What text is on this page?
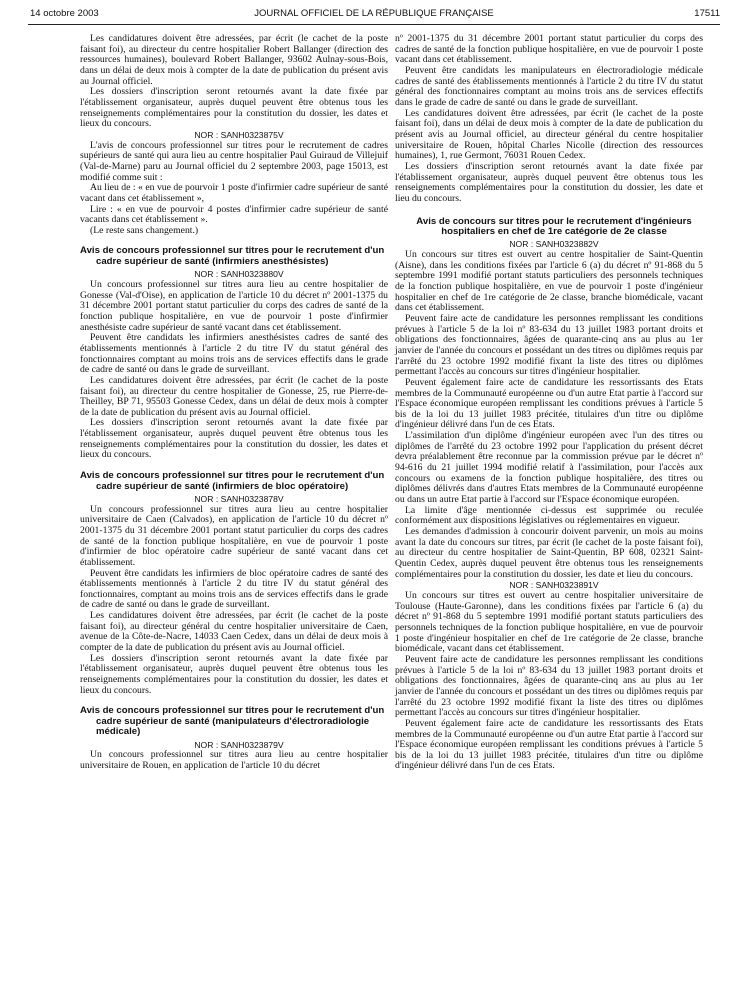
14 octobre 2003	JOURNAL OFFICIEL DE LA RÉPUBLIQUE FRANÇAISE	17511

Les candidatures doivent être adressées, par écrit (le cachet de la poste faisant foi), au directeur du centre hospitalier Robert Ballanger (direction des ressources humaines), boulevard Robert Ballanger, 93602 Aulnay-sous-Bois, dans un délai de deux mois à compter de la date de publication du présent avis au Journal officiel.

Les dossiers d'inscription seront retournés avant la date fixée par l'établissement organisateur, auprès duquel peuvent être obtenus tous les renseignements complémentaires pour la constitution du dossier, les dates et lieux du concours.

NOR : SANH0323875V

L'avis de concours professionnel sur titres pour le recrutement de cadres supérieurs de santé qui aura lieu au centre hospitalier Paul Guiraud de Villejuif (Val-de-Marne) paru au Journal officiel du 2 septembre 2003, page 15013, est modifié comme suit :

Au lieu de : « en vue de pourvoir 1 poste d'infirmier cadre supérieur de santé vacant dans cet établissement »,

Lire : « en vue de pourvoir 4 postes d'infirmier cadre supérieur de santé vacants dans cet établissement ».

(Le reste sans changement.)

Avis de concours professionnel sur titres pour le recrutement d'un cadre supérieur de santé (infirmiers anesthésistes)

NOR : SANH0323880V

Un concours professionnel sur titres aura lieu au centre hospitalier de Gonesse (Val-d'Oise), en application de l'article 10 du décret nº 2001-1375 du 31 décembre 2001 portant statut particulier du corps des cadres de santé de la fonction publique hospitalière, en vue de pourvoir 1 poste d'infirmier anesthésiste cadre supérieur de santé vacant dans cet établissement.

Peuvent être candidats les infirmiers anesthésistes cadres de santé des établissements mentionnés à l'article 2 du titre IV du statut général des fonctionnaires comptant au moins trois ans de services effectifs dans le grade de cadre de santé ou dans le grade de surveillant.

Les candidatures doivent être adressées, par écrit (le cachet de la poste faisant foi), au directeur du centre hospitalier de Gonesse, 25, rue Pierre-de-Theilley, BP 71, 95503 Gonesse Cedex, dans un délai de deux mois à compter de la date de publication du présent avis au Journal officiel.

Les dossiers d'inscription seront retournés avant la date fixée par l'établissement organisateur, auprès duquel peuvent être obtenus tous les renseignements complémentaires pour la constitution du dossier, les dates et lieux du concours.

Avis de concours professionnel sur titres pour le recrutement d'un cadre supérieur de santé (infirmiers de bloc opératoire)

NOR : SANH0323878V

Un concours professionnel sur titres aura lieu au centre hospitalier universitaire de Caen (Calvados), en application de l'article 10 du décret nº 2001-1375 du 31 décembre 2001 portant statut particulier du corps des cadres de santé de la fonction publique hospitalière, en vue de pourvoir 1 poste d'infirmier de bloc opératoire cadre supérieur de santé vacant dans cet établissement.

Peuvent être candidats les infirmiers de bloc opératoire cadres de santé des établissements mentionnés à l'article 2 du titre IV du statut général des fonctionnaires, comptant au moins trois ans de services effectifs dans le grade de cadre de santé ou dans le grade de surveillant.

Les candidatures doivent être adressées, par écrit (le cachet de la poste faisant foi), au directeur général du centre hospitalier universitaire de Caen, avenue de la Côte-de-Nacre, 14033 Caen Cedex, dans un délai de deux mois à compter de la date de publication du présent avis au Journal officiel.

Les dossiers d'inscription seront retournés avant la date fixée par l'établissement organisateur, auprès duquel peuvent être obtenus tous les renseignements complémentaires pour la constitution du dossier, les dates et lieux du concours.

Avis de concours professionnel sur titres pour le recrutement d'un cadre supérieur de santé (manipulateurs d'électroradiologie médicale)

NOR : SANH0323879V

Un concours professionnel sur titres aura lieu au centre hospitalier universitaire de Rouen, en application de l'article 10 du décret

nº 2001-1375 du 31 décembre 2001 portant statut particulier du corps des cadres de santé de la fonction publique hospitalière, en vue de pourvoir 1 poste vacant dans cet établissement.

Peuvent être candidats les manipulateurs en électroradiologie médicale cadres de santé des établissements mentionnés à l'article 2 du titre IV du statut général des fonctionnaires comptant au moins trois ans de services effectifs dans le grade de cadre de santé ou dans le grade de surveillant.

Les candidatures doivent être adressées, par écrit (le cachet de la poste faisant foi), dans un délai de deux mois à compter de la date de publication du présent avis au Journal officiel, au directeur général du centre hospitalier universitaire de Rouen, hôpital Charles Nicolle (direction des ressources humaines), 1, rue Germont, 76031 Rouen Cedex.

Les dossiers d'inscription seront retournés avant la date fixée par l'établissement organisateur, auprès duquel peuvent être obtenus tous les renseignements complémentaires pour la constitution du dossier, les date et lieu du concours.

Avis de concours sur titres pour le recrutement d'ingénieurs hospitaliers en chef de 1re catégorie de 2e classe

NOR : SANH0323882V

Un concours sur titres est ouvert au centre hospitalier de Saint-Quentin (Aisne), dans les conditions fixées par l'article 6 (a) du décret nº 91-868 du 5 septembre 1991 modifié portant statuts particuliers des personnels techniques de la fonction publique hospitalière, en vue de pourvoir 1 poste d'ingénieur hospitalier en chef de 1re catégorie de 2e classe, branche biomédicale, vacant dans cet établissement.

Peuvent faire acte de candidature les personnes remplissant les conditions prévues à l'article 5 de la loi nº 83-634 du 13 juillet 1983 portant droits et obligations des fonctionnaires, âgées de quarante-cinq ans au plus au 1er janvier de l'année du concours et possédant un des titres ou diplômes requis par l'arrêté du 23 octobre 1992 modifié fixant la liste des titres ou diplômes permettant l'accès au concours sur titres d'ingénieur hospitalier.

Peuvent également faire acte de candidature les ressortissants des Etats membres de la Communauté européenne ou d'un autre Etat partie à l'accord sur l'Espace économique européen remplissant les conditions prévues à l'article 5 bis de la loi du 13 juillet 1983 précitée, titulaires d'un titre ou diplôme d'ingénieur délivré dans l'un de ces Etats.

L'assimilation d'un diplôme d'ingénieur européen avec l'un des titres ou diplômes de l'arrêté du 23 octobre 1992 pour l'application du présent décret devra préalablement être reconnue par la commission prévue par le décret nº 94-616 du 21 juillet 1994 modifié relatif à l'assimilation, pour l'accès aux concours ou examens de la fonction publique hospitalière, des titres ou diplômes délivrés dans d'autres Etats membres de la Communauté européenne ou dans un autre Etat partie à l'accord sur l'Espace économique européen.

La limite d'âge mentionnée ci-dessus est supprimée ou reculée conformément aux dispositions législatives ou réglementaires en vigueur.

Les demandes d'admission à concourir doivent parvenir, un mois au moins avant la date du concours sur titres, par écrit (le cachet de la poste faisant foi), au directeur du centre hospitalier de Saint-Quentin, BP 608, 02321 Saint-Quentin Cedex, auprès duquel peuvent être obtenus tous les renseignements complémentaires pour la constitution du dossier, les date et lieu du concours.

NOR : SANH0323891V

Un concours sur titres est ouvert au centre hospitalier universitaire de Toulouse (Haute-Garonne), dans les conditions fixées par l'article 6 (a) du décret nº 91-868 du 5 septembre 1991 modifié portant statuts particuliers des personnels techniques de la fonction publique hospitalière, en vue de pourvoir 1 poste d'ingénieur hospitalier en chef de 1re catégorie de 2e classe, branche biomédicale, vacant dans cet établissement.

Peuvent faire acte de candidature les personnes remplissant les conditions prévues à l'article 5 de la loi nº 83-634 du 13 juillet 1983 portant droits et obligations des fonctionnaires, âgées de quarante-cinq ans au plus au 1er janvier de l'année du concours et possédant un des titres ou diplômes requis par l'arrêté du 23 octobre 1992 modifié fixant la liste des titres ou diplômes permettant l'accès au concours sur titres d'ingénieur hospitalier.

Peuvent également faire acte de candidature les ressortissants des Etats membres de la Communauté européenne ou d'un autre Etat partie à l'accord sur l'Espace économique européen remplissant les conditions prévues à l'article 5 bis de la loi du 13 juillet 1983 précitée, titulaires d'un titre ou diplôme d'ingénieur délivré dans l'un de ces Etats.
